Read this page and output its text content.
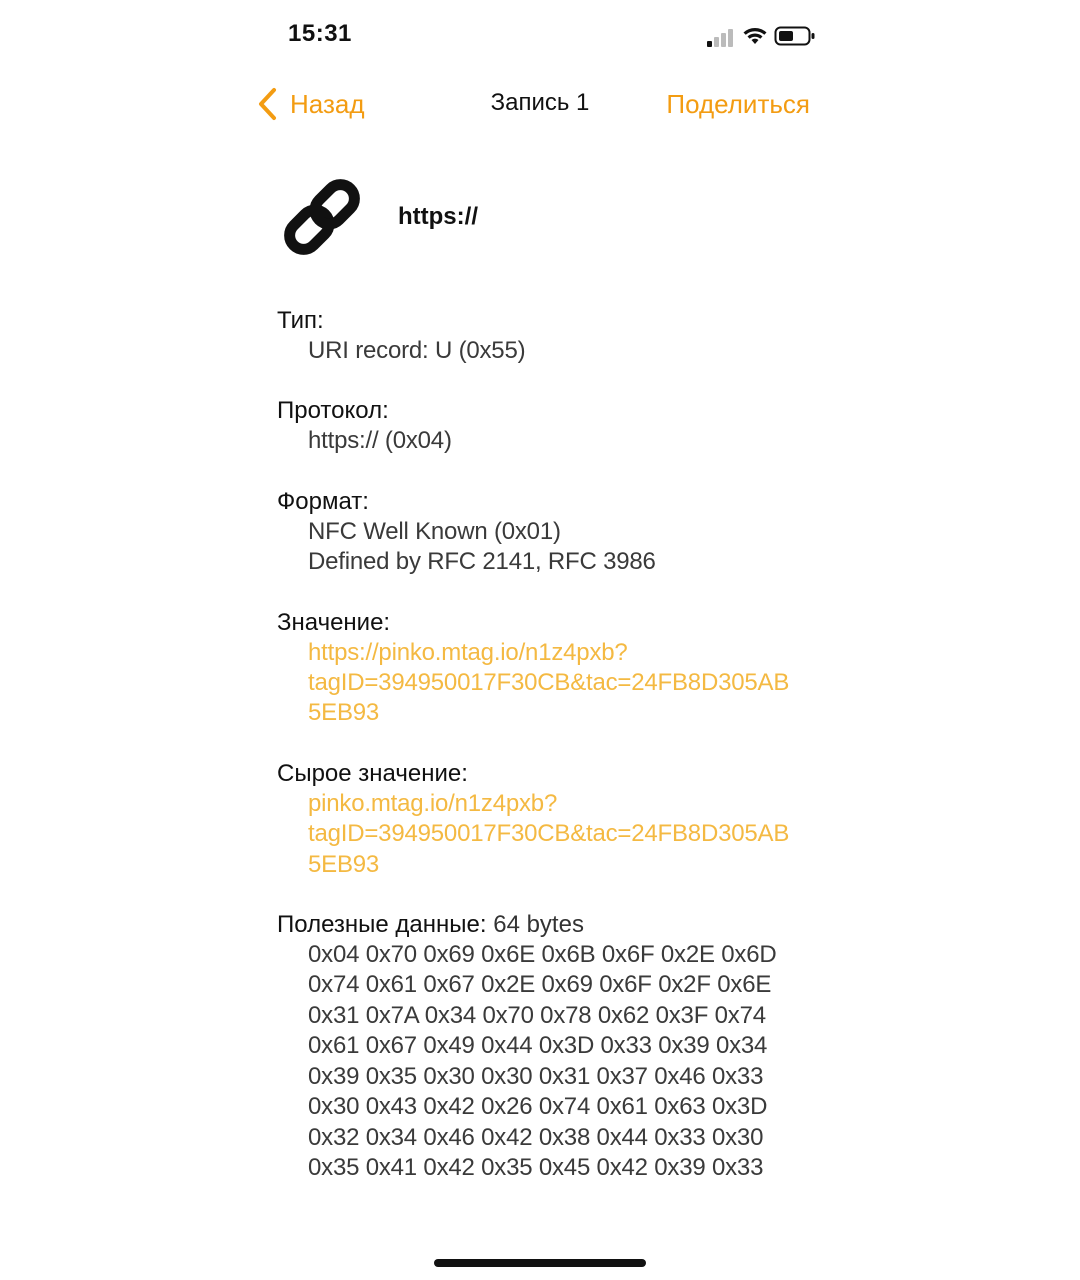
15:31
Назад	Запись 1	Поделиться
https://
Тип:
URI record: U (0x55)
Протокол:
https:// (0x04)
Формат:
NFC Well Known (0x01)
Defined by RFC 2141, RFC 3986
Значение:
https://pinko.mtag.io/n1z4pxb?
tagID=394950017F30CB&tac=24FB8D305AB
5EB93
Сырое значение:
pinko.mtag.io/n1z4pxb?
tagID=394950017F30CB&tac=24FB8D305AB
5EB93
Полезные данные: 64 bytes
0x04 0x70 0x69 0x6E 0x6B 0x6F 0x2E 0x6D
0x74 0x61 0x67 0x2E 0x69 0x6F 0x2F 0x6E
0x31 0x7A 0x34 0x70 0x78 0x62 0x3F 0x74
0x61 0x67 0x49 0x44 0x3D 0x33 0x39 0x34
0x39 0x35 0x30 0x30 0x31 0x37 0x46 0x33
0x30 0x43 0x42 0x26 0x74 0x61 0x63 0x3D
0x32 0x34 0x46 0x42 0x38 0x44 0x33 0x30
0x35 0x41 0x42 0x35 0x45 0x42 0x39 0x33
